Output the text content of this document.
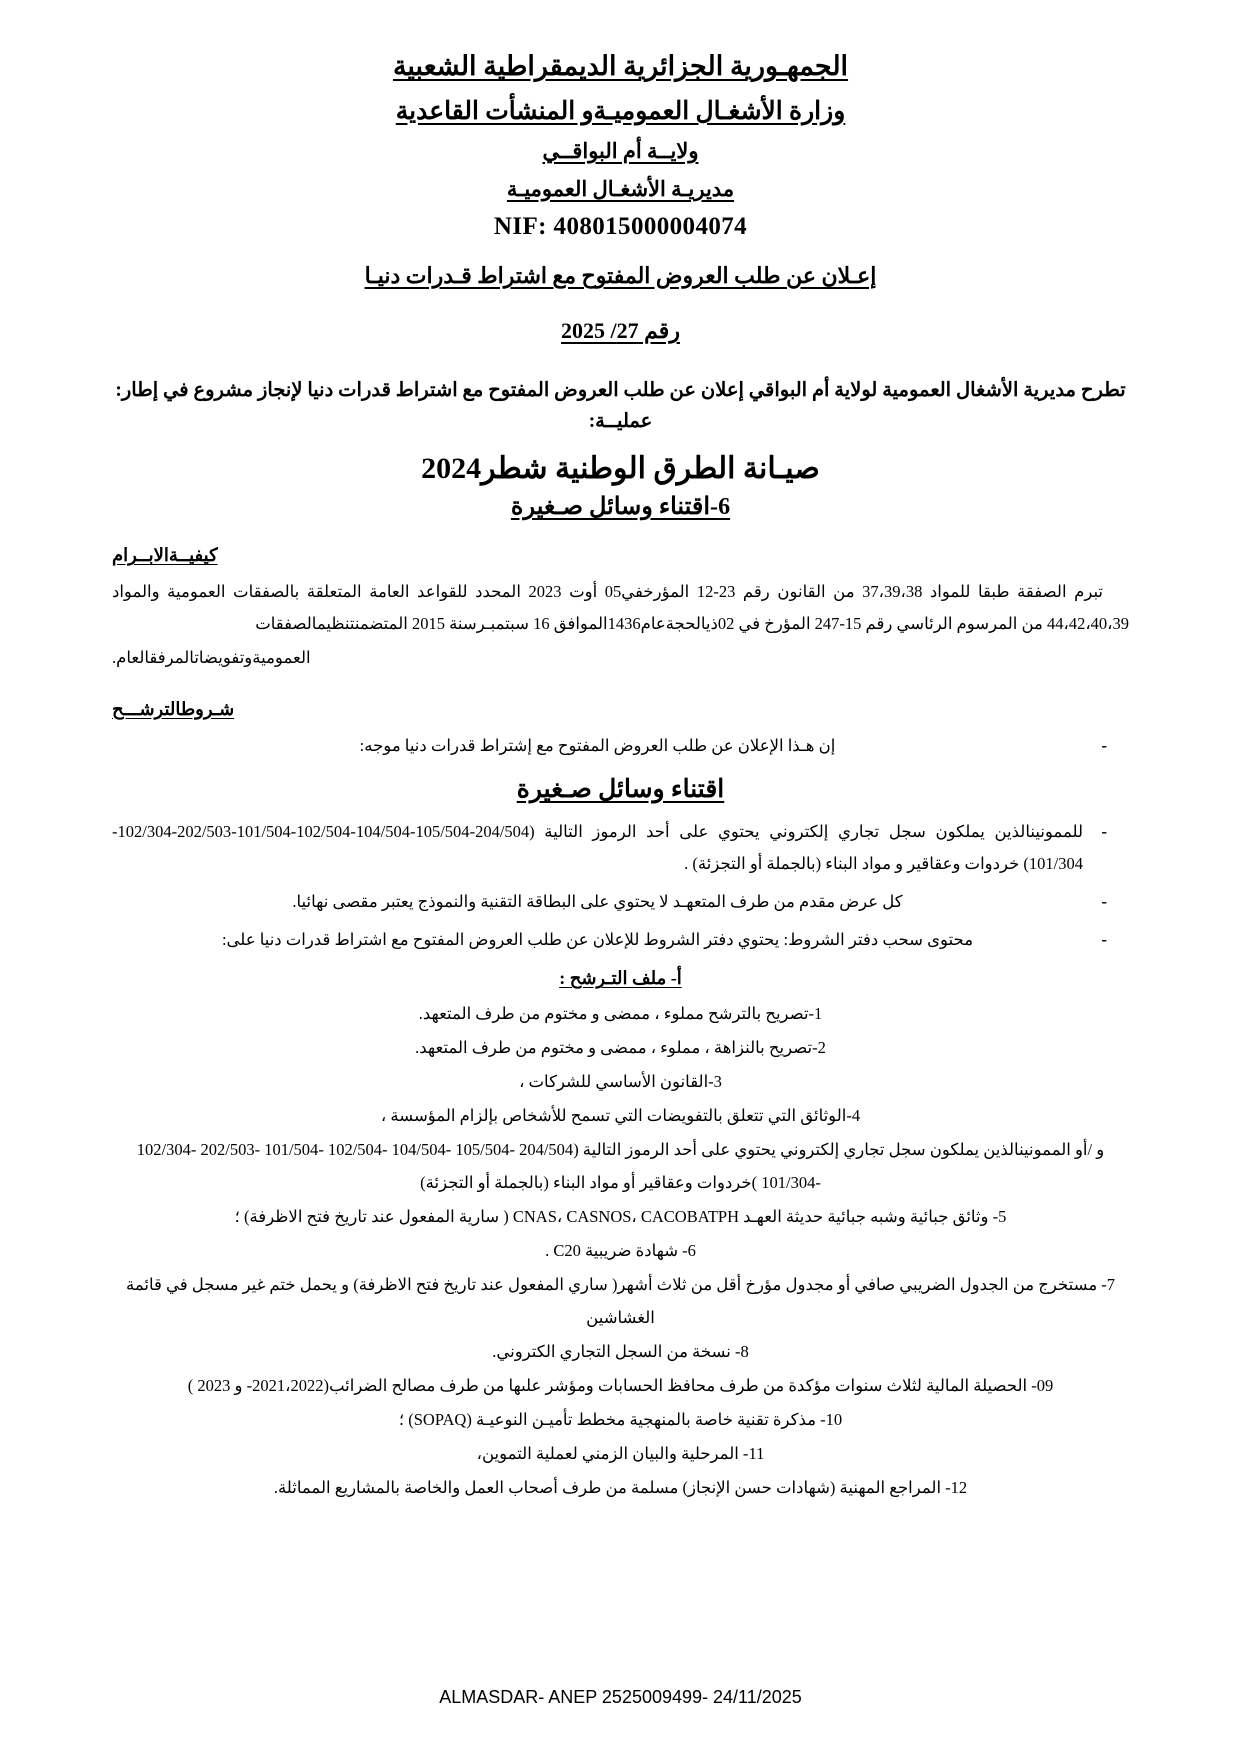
الجمهـورية الجزائرية الديمقراطية الشعبية
وزارة الأشغـال العموميـةو المنشأت القاعدية
ولايــة أم البواقــي
مديريـة الأشغـال العموميـة
NIF: 408015000004074
إعـلان عن طلب العروض المفتوح مع اشتراط قـدرات دنيـا
رقم 27/ 2025

تطرح مديرية الأشغال العمومية لولاية أم البواقي إعلان عن طلب العروض المفتوح مع اشتراط قدرات دنيا لإنجاز مشروع في إطار:

عمليــة:

صيـانة الطرق الوطنية شطر2024

6-اقتناء وسائل صـغيرة

كيفيــةالابــرام

تبرم الصفقة طبقا للمواد 37،39،38 من القانون رقم 23-12 المؤرخفي05 أوت 2023 المحدد للقواعد العامة المتعلقة بالصفقات العمومية والمواد 44،42،40،39 من المرسوم الرئاسي رقم 15-247 المؤرخ في 02ذيالحجةعام1436الموافق 16 سبتمبـرسنة 2015 المتضمنتنظيمالصفقات

العموميةوتفويضاتالمرفقالعام.

شـروطالترشـــح
- إن هـذا الإعلان عن طلب العروض المفتوح مع إشتراط قدرات دنيا موجه:
اقتناء وسائل صـغيرة
- للممونينالذين يملكون سجل تجاري إلكتروني يحتوي على أحد الرموز التالية (204/504-105/504-104/504-102/504-101/504-202/503-102/304-101/304) خردوات وعقاقير و مواد البناء (بالجملة أو التجزئة) .
- كل عرض مقدم من طرف المتعهـد لا يحتوي على البطاقة التقنية والنموذج يعتبر مقصى نهائيا.
- محتوى سحب دفتر الشروط: يحتوي دفتر الشروط للإعلان عن طلب العروض المفتوح مع اشتراط قدرات دنيا على:
أ- ملف التـرشح :
1-تصريح بالترشح مملوء ، ممضى و مختوم من طرف المتعهد.
2-تصريح بالنزاهة ، مملوء ، ممضى و مختوم من طرف المتعهد.
3-القانون الأساسي للشركات ،
4-الوثائق التي تتعلق بالتفويضات التي تسمح للأشخاص بإلزام المؤسسة ،
و /أو الممونينالذين يملكون سجل تجاري إلكتروني يحتوي على أحد الرموز التالية (204/504 -105/504 -104/504 -102/504 -101/504 -202/503 -102/304 -101/304 )خردوات وعقاقير أو مواد البناء (بالجملة أو التجزئة)
5- وثائق جبائية وشبه جبائية حديثة العهـد CNAS، CASNOS، CACOBATPH ( سارية المفعول عند تاريخ فتح الاظرفة) ؛
6- شهادة ضريبية C20 .
7- مستخرج من الجدول الضريبي صافي أو مجدول مؤرخ أقل من ثلاث أشهر( ساري المفعول عند تاريخ فتح الاظرفة) و يحمل ختم غير مسجل في قائمة الغشاشين
8- نسخة من السجل التجاري الكتروني.
09- الحصيلة المالية لثلاث سنوات مؤكدة من طرف محافظ الحسابات ومؤشر علىها من طرف مصالح الضرائب(2021،2022- و 2023 )
10- مذكرة تقنية خاصة بالمنهجية مخطط تأميـن النوعيـة (SOPAQ) ؛
11- المرحلية والبيان الزمني لعملية التموين،
12- المراجع المهنية (شهادات حسن الإنجاز) مسلمة من طرف أصحاب العمل والخاصة بالمشاريع المماثلة.
ALMASDAR- ANEP 2525009499- 24/11/2025
